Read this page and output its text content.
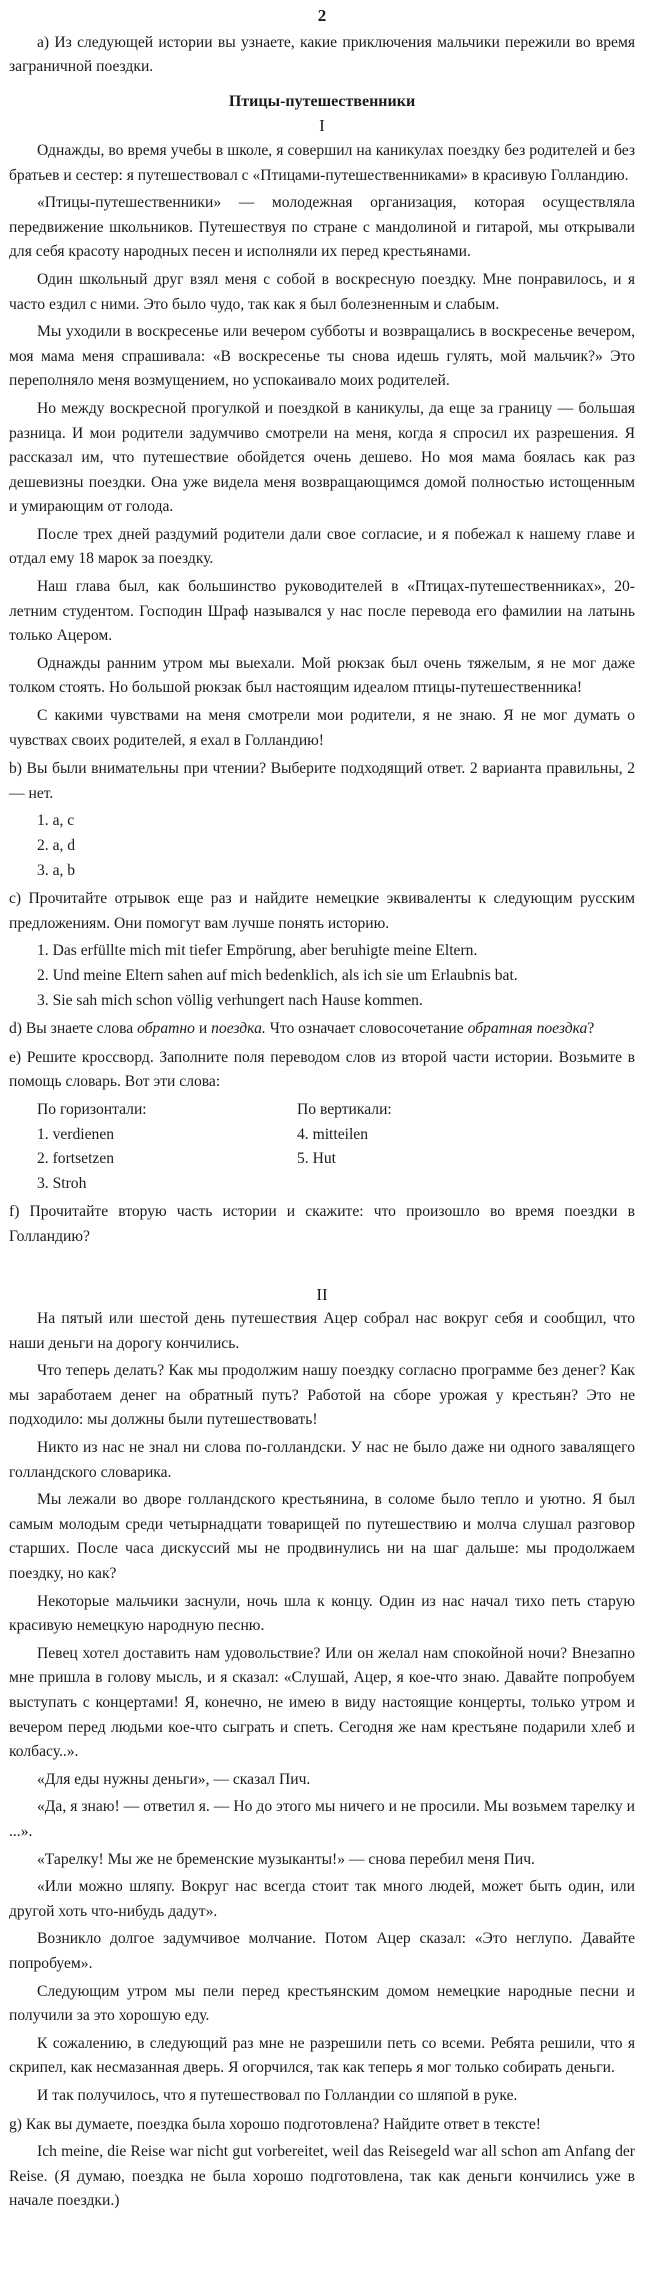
2

а) Из следующей истории вы узнаете, какие приключения мальчики пережили во время заграничной поездки.

Птицы-путешественники
I

Однажды, во время учебы в школе, я совершил на каникулах поездку без родителей и без братьев и сестер: я путешествовал с «Птицами-путешественниками» в красивую Голландию.

«Птицы-путешественники» — молодежная организация, которая осуществляла передвижение школьников. Путешествуя по стране с мандолиной и гитарой, мы открывали для себя красоту народных песен и исполняли их перед крестьянами.

Один школьный друг взял меня с собой в воскресную поездку. Мне понравилось, и я часто ездил с ними. Это было чудо, так как я был болезненным и слабым.

Мы уходили в воскресенье или вечером субботы и возвращались в воскресенье вечером, моя мама меня спрашивала: «В воскресенье ты снова идешь гулять, мой мальчик?» Это переполняло меня возмущением, но успокаивало моих родителей.

Но между воскресной прогулкой и поездкой в каникулы, да еще за границу — большая разница. И мои родители задумчиво смотрели на меня, когда я спросил их разрешения. Я рассказал им, что путешествие обойдется очень дешево. Но моя мама боялась как раз дешевизны поездки. Она уже видела меня возвращающимся домой полностью истощенным и умирающим от голода.

После трех дней раздумий родители дали свое согласие, и я побежал к нашему главе и отдал ему 18 марок за поездку.

Наш глава был, как большинство руководителей в «Птицах-путешественниках», 20-летним студентом. Господин Шраф назывался у нас после перевода его фамилии на латынь только Ацером.

Однажды ранним утром мы выехали. Мой рюкзак был очень тяжелым, я не мог даже толком стоять. Но большой рюкзак был настоящим идеалом птицы-путешественника!

С какими чувствами на меня смотрели мои родители, я не знаю. Я не мог думать о чувствах своих родителей, я ехал в Голландию!

b) Вы были внимательны при чтении? Выберите подходящий ответ. 2 варианта правильны, 2 — нет.

1. a, c

2. a, d

3. a, b

c) Прочитайте отрывок еще раз и найдите немецкие эквиваленты к следующим русским предложениям. Они помогут вам лучше понять историю.

1. Das erfüllte mich mit tiefer Empörung, aber beruhigte meine Eltern.

2. Und meine Eltern sahen auf mich bedenklich, als ich sie um Erlaubnis bat.

3. Sie sah mich schon völlig verhungert nach Hause kommen.

d) Вы знаете слова обратно и поездка. Что означает словосочетание обратная поездка?

e) Решите кроссворд. Заполните поля переводом слов из второй части истории. Возьмите в помощь словарь. Вот эти слова:

По горизонтали:
1. verdienen
2. fortsetzen
3. Stroh
По вертикали:
4. mitteilen
5. Hut

f) Прочитайте вторую часть истории и скажите: что произошло во время поездки в Голландию?

II

На пятый или шестой день путешествия Ацер собрал нас вокруг себя и сообщил, что наши деньги на дорогу кончились.

Что теперь делать? Как мы продолжим нашу поездку согласно программе без денег? Как мы заработаем денег на обратный путь? Работой на сборе урожая у крестьян? Это не подходило: мы должны были путешествовать!

Никто из нас не знал ни слова по-голландски. У нас не было даже ни одного завалящего голландского словарика.

Мы лежали во дворе голландского крестьянина, в соломе было тепло и уютно. Я был самым молодым среди четырнадцати товарищей по путешествию и молча слушал разговор старших. После часа дискуссий мы не продвинулись ни на шаг дальше: мы продолжаем поездку, но как?

Некоторые мальчики заснули, ночь шла к концу. Один из нас начал тихо петь старую красивую немецкую народную песню.

Певец хотел доставить нам удовольствие? Или он желал нам спокойной ночи? Внезапно мне пришла в голову мысль, и я сказал: «Слушай, Ацер, я кое-что знаю. Давайте попробуем выступать с концертами! Я, конечно, не имею в виду настоящие концерты, только утром и вечером перед людьми кое-что сыграть и спеть. Сегодня же нам крестьяне подарили хлеб и колбасу..».

«Для еды нужны деньги», — сказал Пич.

«Да, я знаю! — ответил я. — Но до этого мы ничего и не просили. Мы возьмем тарелку и ...».

«Тарелку! Мы же не бременские музыканты!» — снова перебил меня Пич.

«Или можно шляпу. Вокруг нас всегда стоит так много людей, может быть один, или другой хоть что-нибудь дадут».

Возникло долгое задумчивое молчание. Потом Ацер сказал: «Это неглупо. Давайте попробуем».

Следующим утром мы пели перед крестьянским домом немецкие народные песни и получили за это хорошую еду.

К сожалению, в следующий раз мне не разрешили петь со всеми. Ребята решили, что я скрипел, как несмазанная дверь. Я огорчился, так как теперь я мог только собирать деньги.

И так получилось, что я путешествовал по Голландии со шляпой в руке.

g) Как вы думаете, поездка была хорошо подготовлена? Найдите ответ в тексте!

Ich meine, die Reise war nicht gut vorbereitet, weil das Reisegeld war all schon am Anfang der Reise. (Я думаю, поездка не была хорошо подготовлена, так как деньги кончились уже в начале поездки.)
